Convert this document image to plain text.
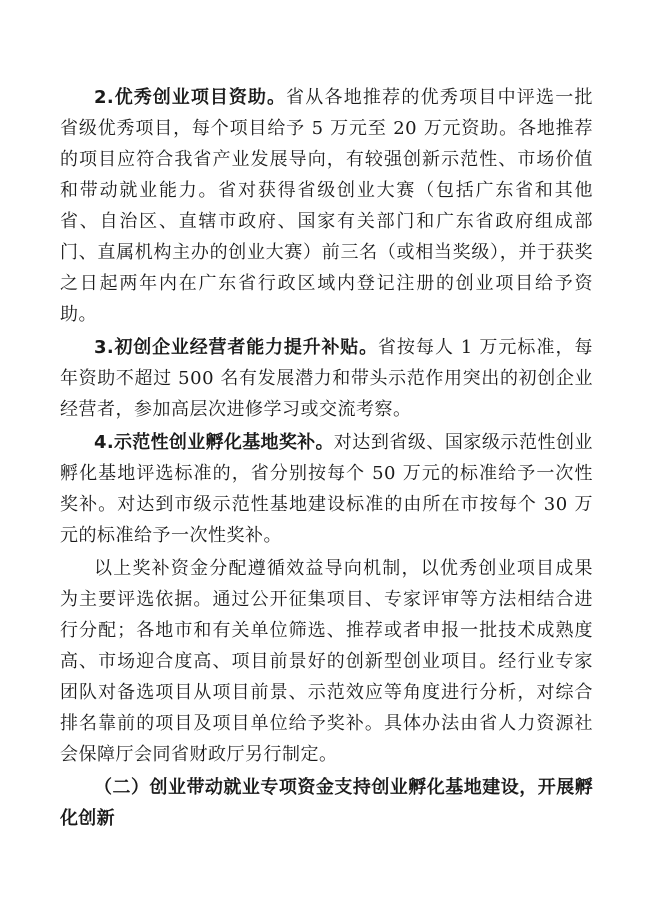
2.优秀创业项目资助。省从各地推荐的优秀项目中评选一批省级优秀项目，每个项目给予 5 万元至 20 万元资助。各地推荐的项目应符合我省产业发展导向，有较强创新示范性、市场价值和带动就业能力。省对获得省级创业大赛（包括广东省和其他省、自治区、直辖市政府、国家有关部门和广东省政府组成部门、直属机构主办的创业大赛）前三名（或相当奖级），并于获奖之日起两年内在广东省行政区域内登记注册的创业项目给予资助。

3.初创企业经营者能力提升补贴。省按每人 1 万元标准，每年资助不超过 500 名有发展潜力和带头示范作用突出的初创企业经营者，参加高层次进修学习或交流考察。

4.示范性创业孵化基地奖补。对达到省级、国家级示范性创业孵化基地评选标准的，省分别按每个 50 万元的标准给予一次性奖补。对达到市级示范性基地建设标准的由所在市按每个 30 万元的标准给予一次性奖补。

以上奖补资金分配遵循效益导向机制，以优秀创业项目成果为主要评选依据。通过公开征集项目、专家评审等方法相结合进行分配；各地市和有关单位筛选、推荐或者申报一批技术成熟度高、市场迎合度高、项目前景好的创新型创业项目。经行业专家团队对备选项目从项目前景、示范效应等角度进行分析，对综合排名靠前的项目及项目单位给予奖补。具体办法由省人力资源社会保障厅会同省财政厅另行制定。

（二）创业带动就业专项资金支持创业孵化基地建设，开展孵化创新
